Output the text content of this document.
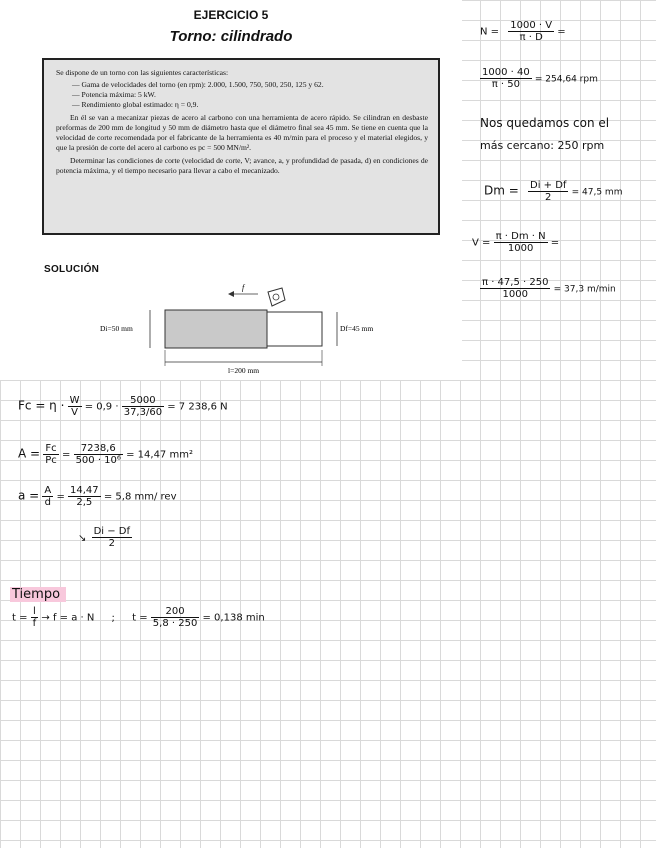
EJERCICIO 5
Torno: cilindrado

Se dispone de un torno con las siguientes características:

— Gama de velocidades del torno (en rpm): 2.000, 1.500, 750, 500, 250, 125 y 62.
— Potencia máxima: 5 kW.
— Rendimiento global estimado: η = 0,9.

En él se van a mecanizar piezas de acero al carbono con una herramienta de acero rápido. Se cilindran en desbaste preformas de 200 mm de longitud y 50 mm de diámetro hasta que el diámetro final sea 45 mm. Se tiene en cuenta que la velocidad de corte recomendada por el fabricante de la herramienta es 40 m/min para el proceso y el material elegidos, y que la presión de corte del acero al carbono es pc = 500 MN/m².

Determinar las condiciones de corte (velocidad de corte, V; avance, a, y profundidad de pasada, d) en condiciones de potencia máxima, y el tiempo necesario para llevar a cabo el mecanizado.

SOLUCIÓN
f
Di=50 mm	Df=45 mm
l=200 mm
$N = \frac{1000 \cdot V}{\pi \cdot D}$ =
$\frac{1000 \cdot 40}{\pi \cdot 50} = 254,64$ rpm
Nos quedamos con el
más cercano: 250 rpm
$Dm = \frac{Di + Df}{2} = 47,5$ mm
$V = \frac{\pi \cdot Dm \cdot N}{1000}$ =
$\frac{\pi \cdot 47,5 \cdot 250}{1000} = 37,3$ m/min
$Fc = \eta \cdot \frac{W}{V} = 0,9 \cdot \frac{5000}{37,3/60} = 7$ 238,6 N
$A = \frac{Fc}{Pc} = \frac{7238,6}{\text{500 · 10⁶}} = 14,47$ mm²
$a = \frac{A}{d} = \frac{14,47}{2,5} = 5,8$ mm/ rev
↘ $\frac{Di - Df}{2}$
Tiempo
$t = \frac{l}{f} \to f = a \cdot N$ ; $t = \frac{200}{5,8 \cdot 250} = 0,138$ min
